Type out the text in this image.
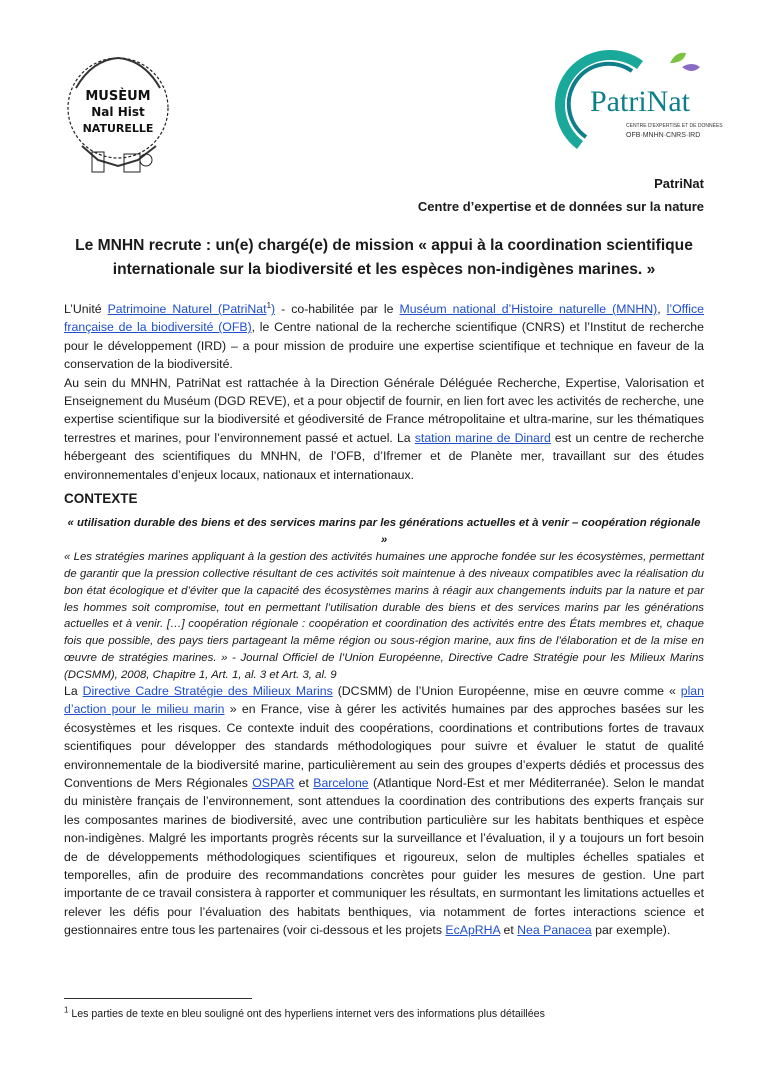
MUSÈUM
Nal Hist
NATURELLE
PatriNat
CENTRE D'EXPERTISE ET DE DONNÉES
OFB·MNHN·CNRS·IRD
PatriNat
Centre d’expertise et de données sur la nature
Le MNHN recrute : un(e) chargé(e) de mission « appui à la coordination scientifique
internationale sur la biodiversité et les espèces non-indigènes marines. »
L’Unité Patrimoine Naturel (PatriNat$^1$) - co-habilitée par le Muséum national d’Histoire naturelle (MNHN), l’Office française de la biodiversité (OFB), le Centre national de la recherche scientifique (CNRS) et l’Institut de recherche pour le développement (IRD) – a pour mission de produire une expertise scientifique et technique en faveur de la conservation de la biodiversité.
Au sein du MNHN, PatriNat est rattachée à la Direction Générale Déléguée Recherche, Expertise, Valorisation et Enseignement du Muséum (DGD REVE), et a pour objectif de fournir, en lien fort avec les activités de recherche, une expertise scientifique sur la biodiversité et géodiversité de France métropolitaine et ultra-marine, sur les thématiques terrestres et marines, pour l’environnement passé et actuel. La station marine de Dinard est un centre de recherche hébergeant des scientifiques du MNHN, de l’OFB, d’Ifremer et de Planète mer, travaillant sur des études environnementales d’enjeux locaux, nationaux et internationaux.
CONTEXTE
« utilisation durable des biens et des services marins par les générations actuelles et à venir – coopération régionale »
« Les stratégies marines appliquant à la gestion des activités humaines une approche fondée sur les écosystèmes, permettant de garantir que la pression collective résultant de ces activités soit maintenue à des niveaux compatibles avec la réalisation du bon état écologique et d’éviter que la capacité des écosystèmes marins à réagir aux changements induits par la nature et par les hommes soit compromise, tout en permettant l’utilisation durable des biens et des services marins par les générations actuelles et à venir. […] coopération régionale : coopération et coordination des activités entre des États membres et, chaque fois que possible, des pays tiers partageant la même région ou sous-région marine, aux fins de l’élaboration et de la mise en œuvre de stratégies marines. » - Journal Officiel de l’Union Européenne, Directive Cadre Stratégie pour les Milieux Marins (DCSMM), 2008, Chapitre 1, Art. 1, al. 3 et Art. 3, al. 9
La Directive Cadre Stratégie des Milieux Marins (DCSMM) de l’Union Européenne, mise en œuvre comme « plan d’action pour le milieu marin » en France, vise à gérer les activités humaines par des approches basées sur les écosystèmes et les risques. Ce contexte induit des coopérations, coordinations et contributions fortes de travaux scientifiques pour développer des standards méthodologiques pour suivre et évaluer le statut de qualité environnementale de la biodiversité marine, particulièrement au sein des groupes d’experts dédiés et processus des Conventions de Mers Régionales OSPAR et Barcelone (Atlantique Nord-Est et mer Méditerranée). Selon le mandat du ministère français de l’environnement, sont attendues la coordination des contributions des experts français sur les composantes marines de biodiversité, avec une contribution particulière sur les habitats benthiques et espèce non-indigènes. Malgré les importants progrès récents sur la surveillance et l’évaluation, il y a toujours un fort besoin de de développements méthodologiques scientifiques et rigoureux, selon de multiples échelles spatiales et temporelles, afin de produire des recommandations concrètes pour guider les mesures de gestion. Une part importante de ce travail consistera à rapporter et communiquer les résultats, en surmontant les limitations actuelles et relever les défis pour l’évaluation des habitats benthiques, via notamment de fortes interactions science et gestionnaires entre tous les partenaires (voir ci-dessous et les projets EcApRHA et Nea Panacea par exemple).
$^1$ Les parties de texte en bleu souligné ont des hyperliens internet vers des informations plus détaillées
